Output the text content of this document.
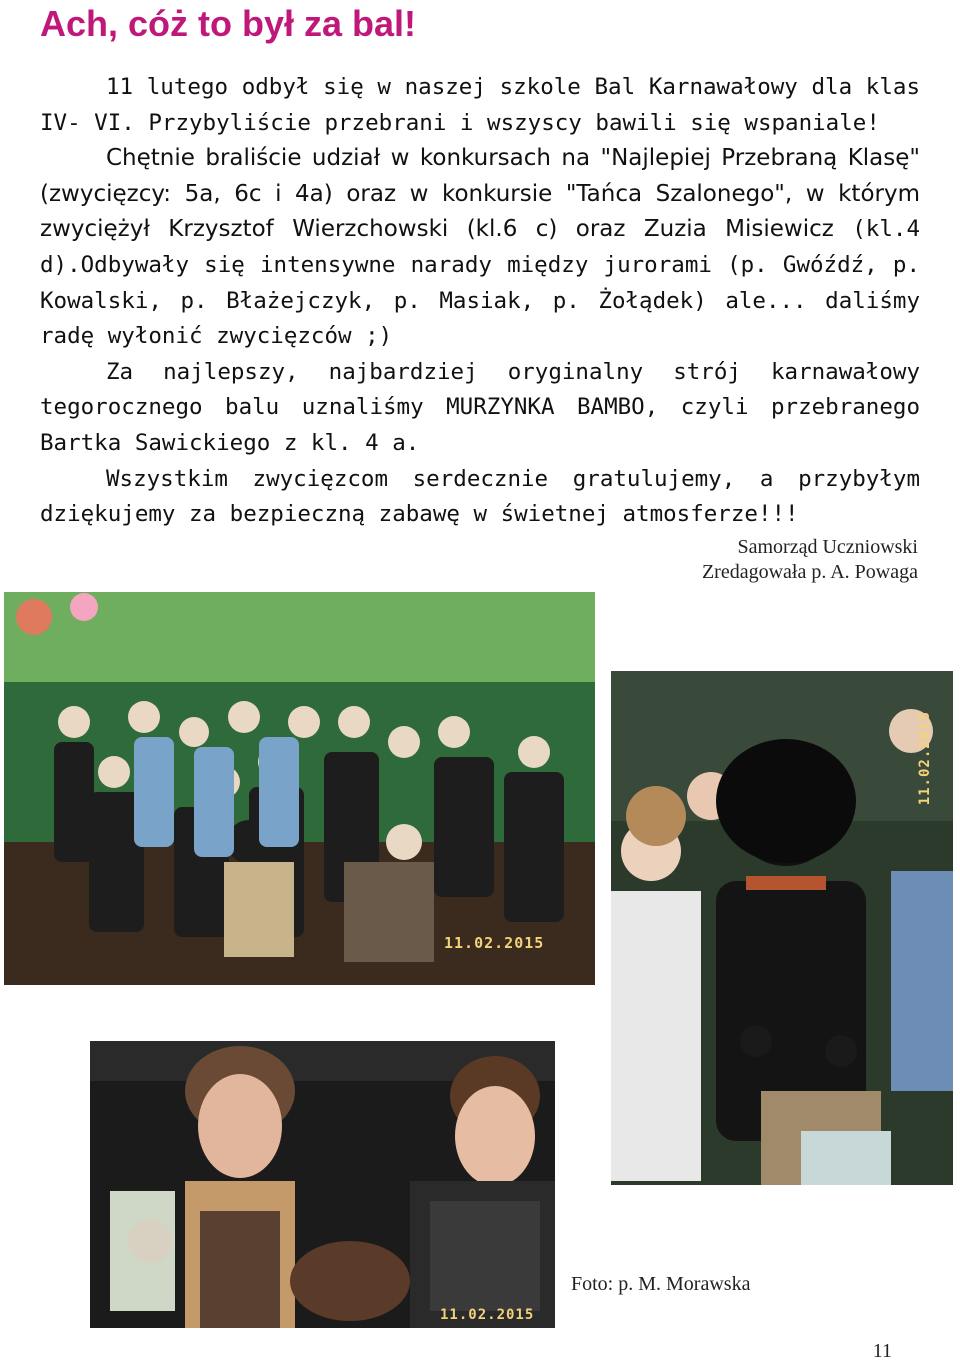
Ach, cóż to był za bal!

11 lutego odbył się w naszej szkole Bal Karnawałowy dla klas IV- VI. Przybyliście przebrani i wszyscy bawili się wspaniale!

Chętnie braliście udział w konkursach na "Najlepiej Przebraną Klasę" (zwycięzcy: 5a, 6c i 4a) oraz w konkursie "Tańca Szalonego", w którym zwyciężył Krzysztof Wierzchowski (kl.6 c) oraz Zuzia Misiewicz (kl.4 d).Odbywały się intensywne narady między jurorami (p. Gwóźdź, p. Kowalski, p. Błażejczyk, p. Masiak, p. Żołądek) ale... daliśmy radę wyłonić zwycięzców ;)

Za najlepszy, najbardziej oryginalny strój karnawałowy tegorocznego balu uznaliśmy MURZYNKA BAMBO, czyli przebranego Bartka Sawickiego z kl. 4 a.

Wszystkim zwycięzcom serdecznie gratulujemy, a przybyłym dziękujemy za bezpieczną zabawę w świetnej atmosferze!!!

Samorząd Uczniowski
Zredagowała p. A. Powaga
11.02.2015
11.02.2015
11.02.2015
Foto: p. M. Morawska
11
